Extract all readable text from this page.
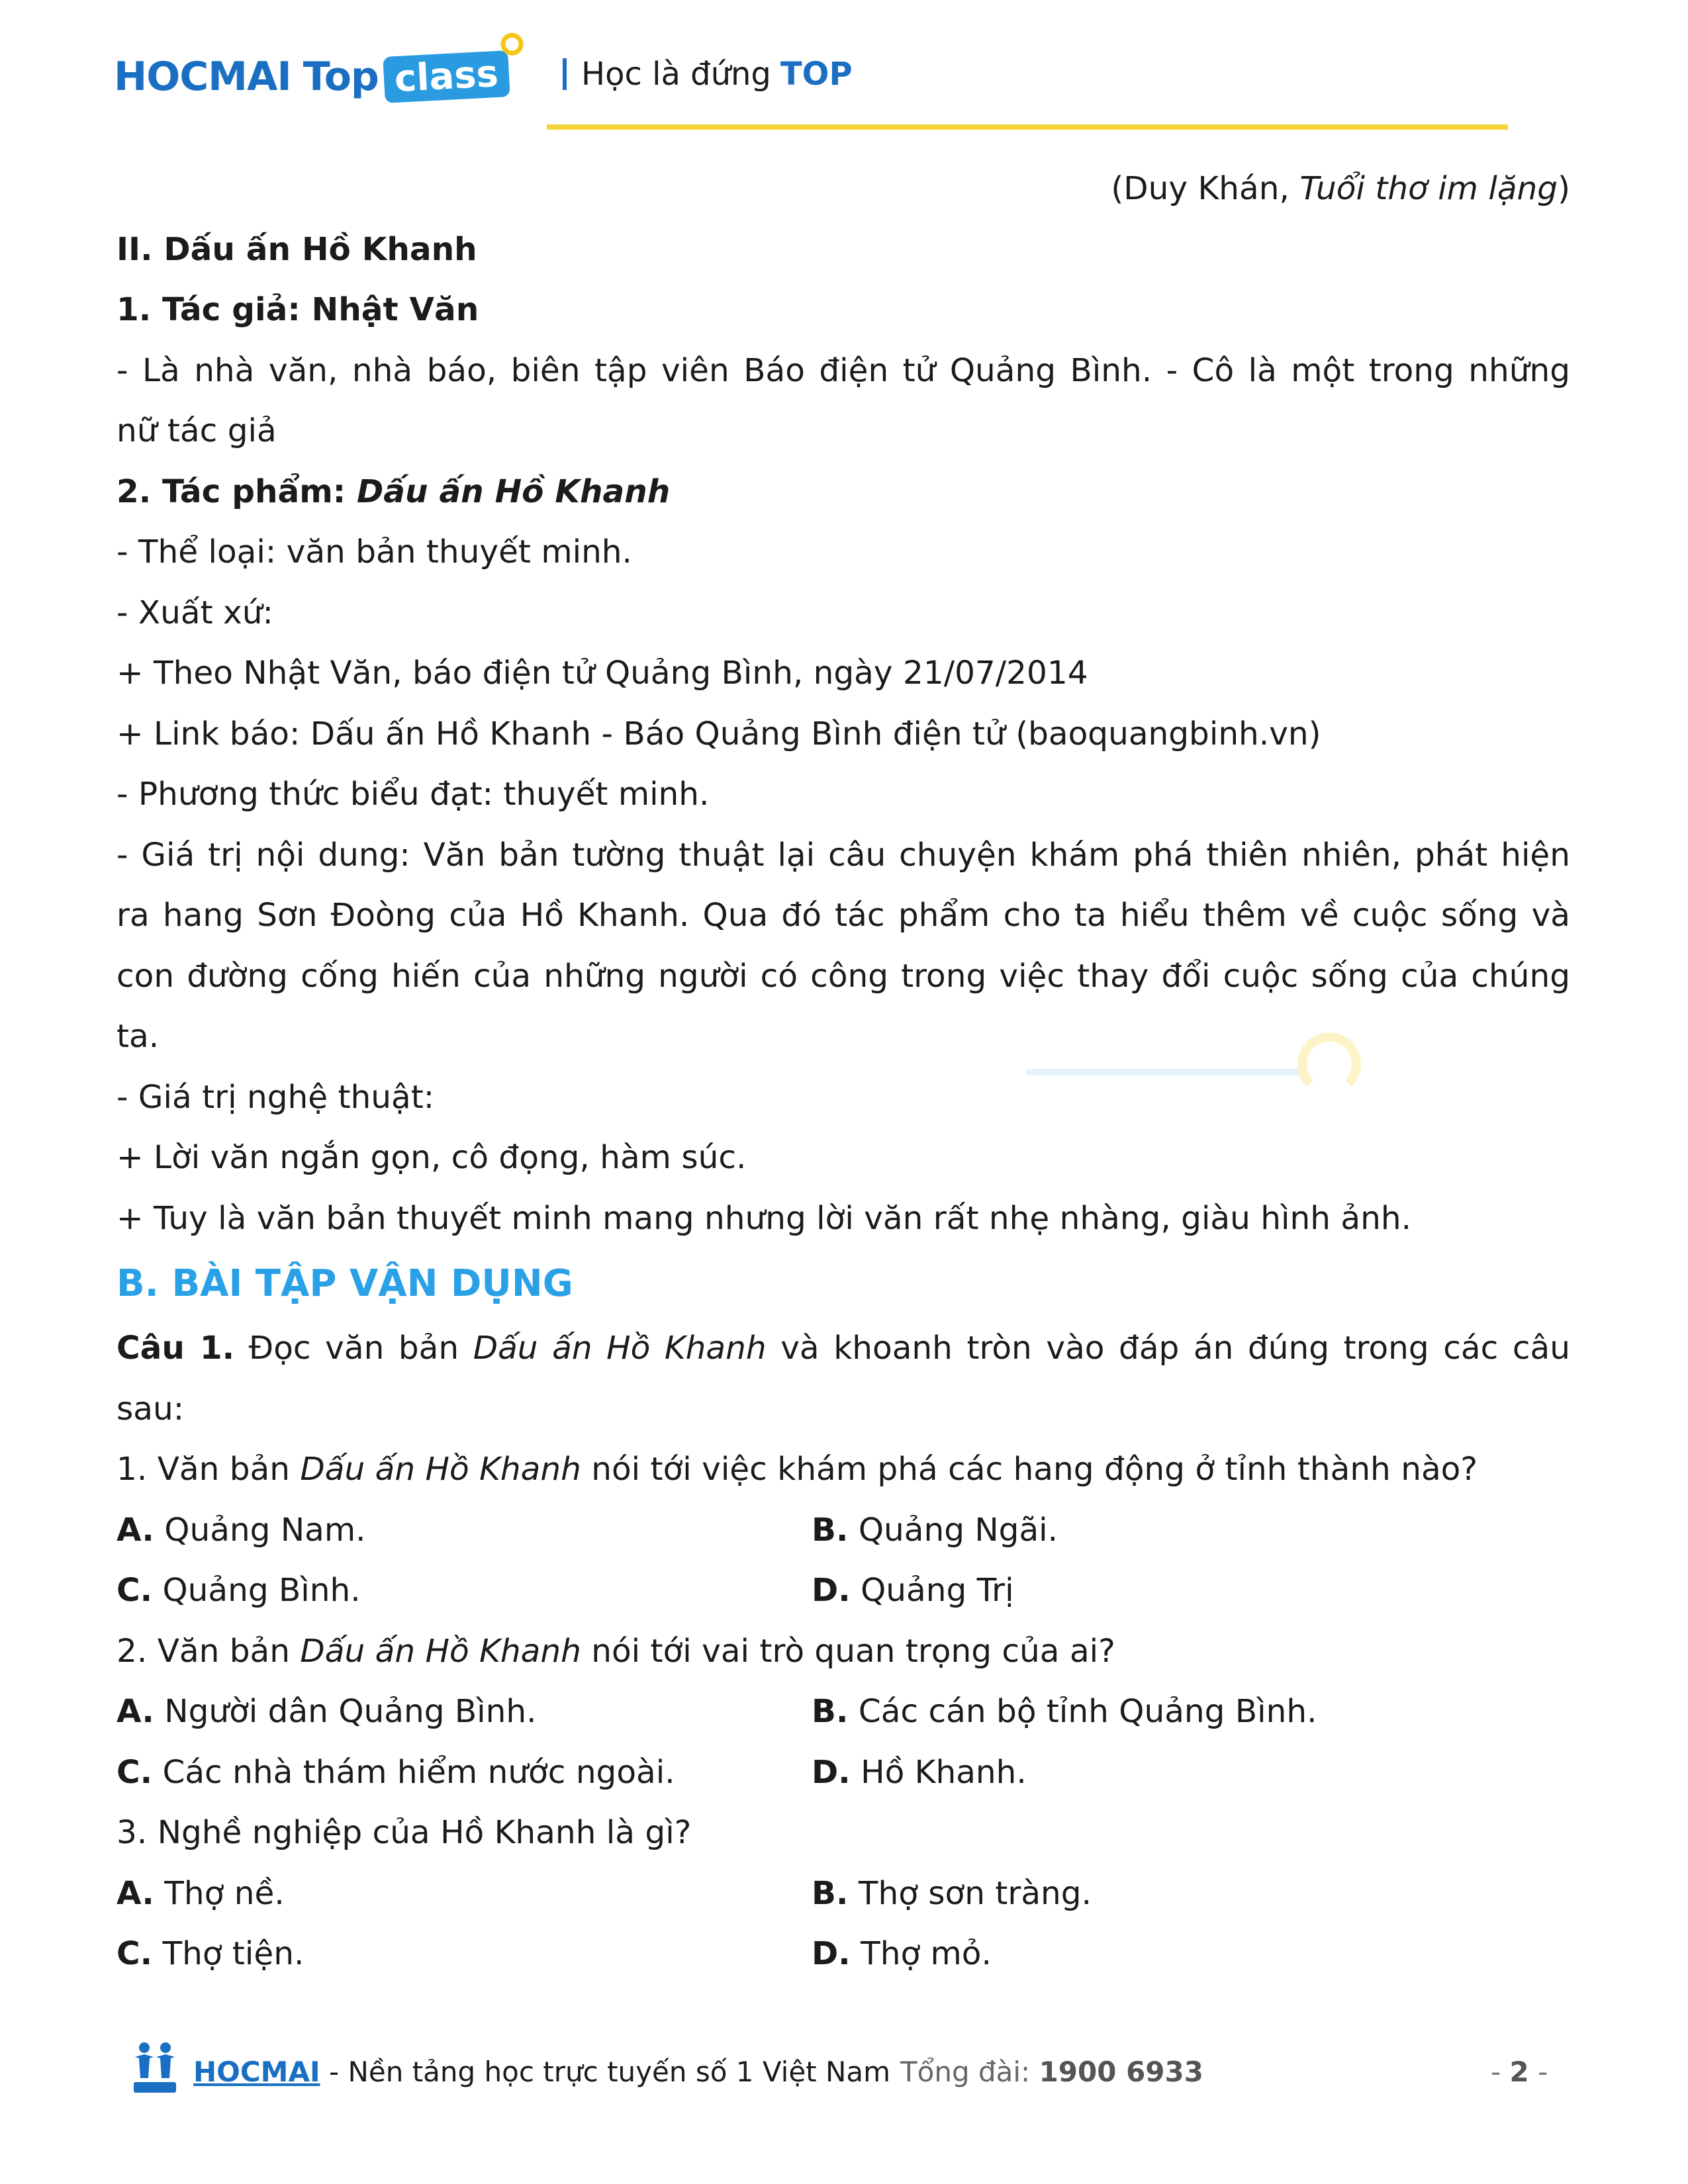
HOCMAI Top class	Học là đứng TOP

(Duy Khán, Tuổi thơ im lặng)

II. Dấu ấn Hồ Khanh

1. Tác giả: Nhật Văn

- Là nhà văn, nhà báo, biên tập viên Báo điện tử Quảng Bình. - Cô là một trong những

nữ tác giả

2. Tác phẩm: Dấu ấn Hồ Khanh

- Thể loại: văn bản thuyết minh.

- Xuất xứ:

+ Theo Nhật Văn, báo điện tử Quảng Bình, ngày 21/07/2014

+ Link báo: Dấu ấn Hồ Khanh - Báo Quảng Bình điện tử (baoquangbinh.vn)

- Phương thức biểu đạt: thuyết minh.

- Giá trị nội dung: Văn bản tường thuật lại câu chuyện khám phá thiên nhiên, phát hiện

ra hang Sơn Đoòng của Hồ Khanh. Qua đó tác phẩm cho ta hiểu thêm về cuộc sống và

con đường cống hiến của những người có công trong việc thay đổi cuộc sống của chúng

ta.

- Giá trị nghệ thuật:

+ Lời văn ngắn gọn, cô đọng, hàm súc.

+ Tuy là văn bản thuyết minh mang nhưng lời văn rất nhẹ nhàng, giàu hình ảnh.

B. BÀI TẬP VẬN DỤNG

Câu 1. Đọc văn bản Dấu ấn Hồ Khanh và khoanh tròn vào đáp án đúng trong các câu

sau:

1. Văn bản Dấu ấn Hồ Khanh nói tới việc khám phá các hang động ở tỉnh thành nào?

A. Quảng Nam.	B. Quảng Ngãi.
C. Quảng Bình.	D. Quảng Trị

2. Văn bản Dấu ấn Hồ Khanh nói tới vai trò quan trọng của ai?

A. Người dân Quảng Bình.	B. Các cán bộ tỉnh Quảng Bình.
C. Các nhà thám hiểm nước ngoài.	D. Hồ Khanh.

3. Nghề nghiệp của Hồ Khanh là gì?

A. Thợ nề.	B. Thợ sơn tràng.
C. Thợ tiện.	D. Thợ mỏ.
HOCMAI - Nền tảng học trực tuyến số 1 Việt Nam Tổng đài: 1900 6933	- 2 -
